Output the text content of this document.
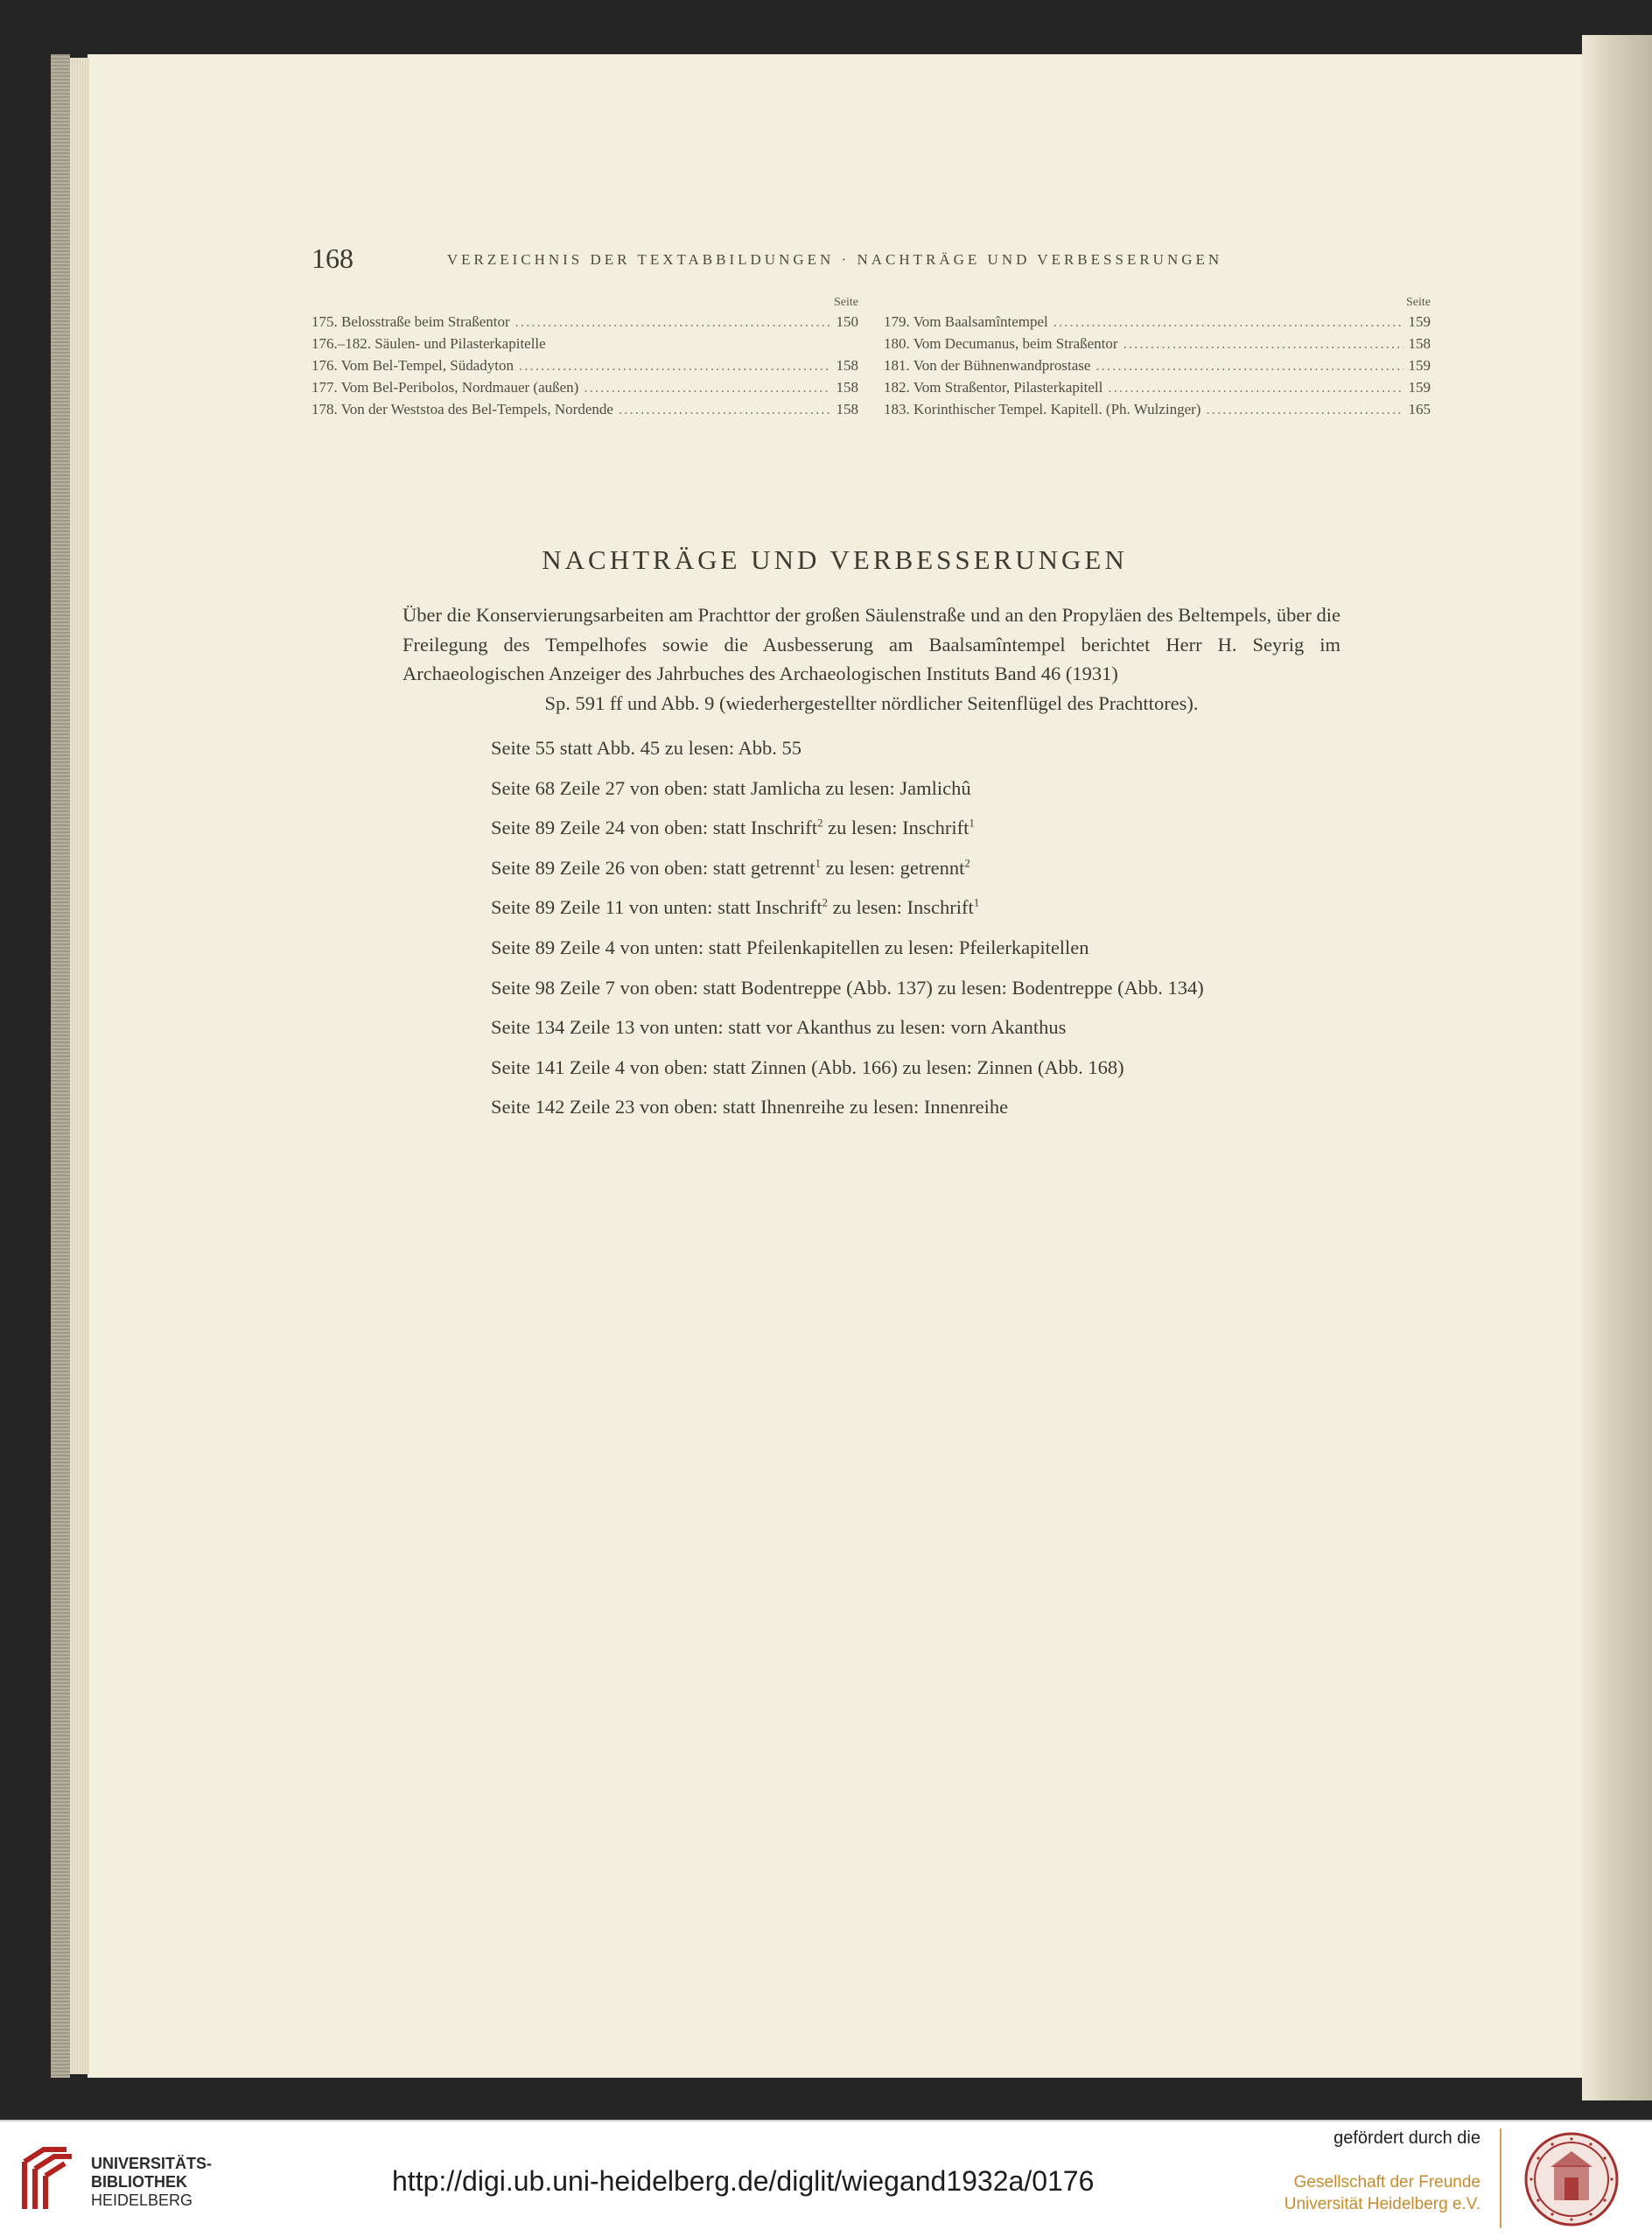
168	VERZEICHNIS DER TEXTABBILDUNGEN · NACHTRÄGE UND VERBESSERUNGEN
Seite
175. Belosstraße beim Straßentor .....	150
176.–182. Säulen- und Pilasterkapitelle
176. Vom Bel-Tempel, Südadyton .....	158
177. Vom Bel-Peribolos, Nordmauer (außen) .....	158
178. Von der Weststoa des Bel-Tempels, Nordende .....	158
Seite
179. Vom Baalsamîntempel .....	159
180. Vom Decumanus, beim Straßentor .....	158
181. Von der Bühnenwandprostase .....	159
182. Vom Straßentor, Pilasterkapitell .....	159
183. Korinthischer Tempel. Kapitell. (Ph. Wulzinger) .....	165
NACHTRÄGE UND VERBESSERUNGEN
Über die Konservierungsarbeiten am Prachttor der großen Säulenstraße und an den Propyläen des Beltempels, über die Freilegung des Tempelhofes sowie die Ausbesserung am Baalsamîntempel berichtet Herr H. Seyrig im Archaeologischen Anzeiger des Jahrbuches des Archaeologischen Instituts Band 46 (1931)
Sp. 591 ff und Abb. 9 (wiederhergestellter nördlicher Seitenflügel des Prachttores).
Seite 55 statt Abb. 45 zu lesen: Abb. 55
Seite 68 Zeile 27 von oben: statt Jamlicha zu lesen: Jamlichû
Seite 89 Zeile 24 von oben: statt Inschrift$^2$ zu lesen: Inschrift$^1$
Seite 89 Zeile 26 von oben: statt getrennt$^1$ zu lesen: getrennt$^2$
Seite 89 Zeile 11 von unten: statt Inschrift$^2$ zu lesen: Inschrift$^1$
Seite 89 Zeile 4 von unten: statt Pfeilenkapitellen zu lesen: Pfeilerkapitellen
Seite 98 Zeile 7 von oben: statt Bodentreppe (Abb. 137) zu lesen: Bodentreppe (Abb. 134)
Seite 134 Zeile 13 von unten: statt vor Akanthus zu lesen: vorn Akanthus
Seite 141 Zeile 4 von oben: statt Zinnen (Abb. 166) zu lesen: Zinnen (Abb. 168)
Seite 142 Zeile 23 von oben: statt Ihnenreihe zu lesen: Innenreihe
UNIVERSITÄTS-
BIBLIOTHEK
HEIDELBERG
http://digi.ub.uni-heidelberg.de/diglit/wiegand1932a/0176
gefördert durch die
Gesellschaft der Freunde
Universität Heidelberg e.V.
